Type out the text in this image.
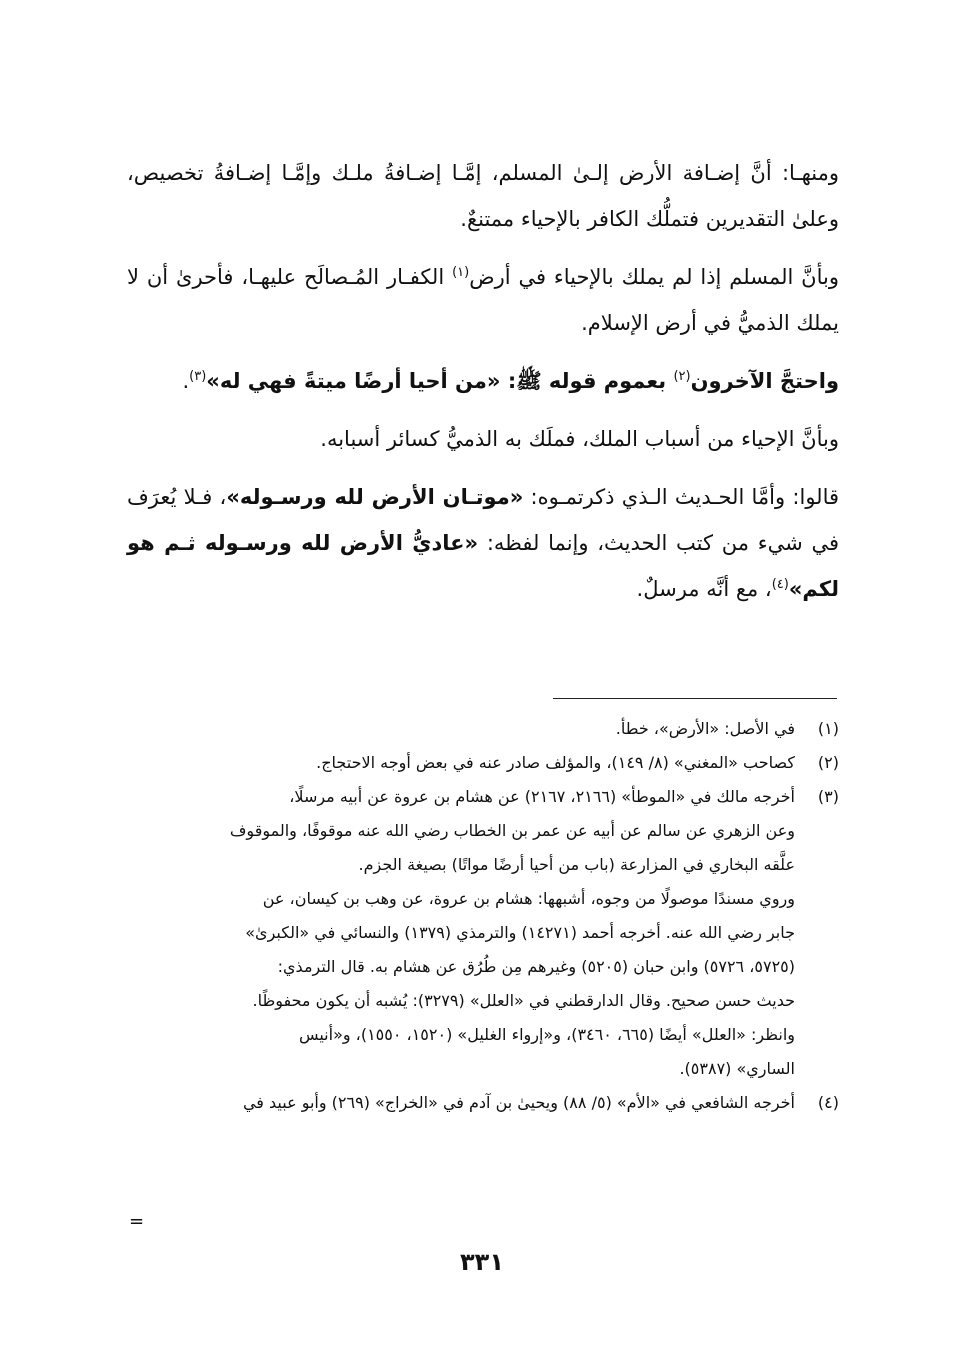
ومنهـا: أنَّ إضـافة الأرض إلـىٰ المسلم، إمَّـا إضـافةُ ملـك وإمَّـا إضـافةُ تخصيص، وعلىٰ التقديرين فتملُّك الكافر بالإحياء ممتنعٌ.

وبأنَّ المسلم إذا لم يملك بالإحياء في أرض$^{(١)}$ الكفـار المُـصالَح عليهـا، فأحرىٰ أن لا يملك الذميُّ في أرض الإسلام.

واحتجَّ الآخرون$^{(٢)}$ بعموم قوله ﷺ: «من أحيا أرضًا ميتةً فهي له»$^{(٣)}$.

وبأنَّ الإحياء من أسباب الملك، فملَك به الذميُّ كسائر أسبابه.

قالوا: وأمَّا الحـديث الـذي ذكرتمـوه: «موتـان الأرض لله ورسـوله»، فـلا يُعرَف في شيء من كتب الحديث، وإنما لفظه: «عاديُّ الأرض لله ورسـوله ثـم هو لكم»$^{(٤)}$، مع أنَّه مرسلٌ.

(١)
في الأصل: «الأرض»، خطأ.
(٢)
كصاحب «المغني» (٨/ ١٤٩)، والمؤلف صادر عنه في بعض أوجه الاحتجاج.
(٣)
أخرجه مالك في «الموطأ» (٢١٦٦، ٢١٦٧) عن هشام بن عروة عن أبيه مرسلًا،
وعن الزهري عن سالم عن أبيه عن عمر بن الخطاب رضي الله عنه موقوفًا، والموقوف
علَّقه البخاري في المزارعة (باب من أحيا أرضًا مواتًا) بصيغة الجزم.
وروي مسندًا موصولًا من وجوه، أشبهها: هشام بن عروة، عن وهب بن كيسان، عن
جابر رضي الله عنه. أخرجه أحمد (١٤٢٧١) والترمذي (١٣٧٩) والنسائي في «الكبرىٰ»
(٥٧٢٥، ٥٧٢٦) وابن حبان (٥٢٠٥) وغيرهم مِن طُرُق عن هشام به. قال الترمذي:
حديث حسن صحيح. وقال الدارقطني في «العلل» (٣٢٧٩): يُشبه أن يكون محفوظًا.
وانظر: «العلل» أيضًا (٦٦٥، ٣٤٦٠)، و«إرواء الغليل» (١٥٢٠، ١٥٥٠)، و«أنيس
الساري» (٥٣٨٧).
(٤)
أخرجه الشافعي في «الأم» (٥/ ٨٨) ويحيىٰ بن آدم في «الخراج» (٢٦٩) وأبو عبيد في
=
٣٣١
